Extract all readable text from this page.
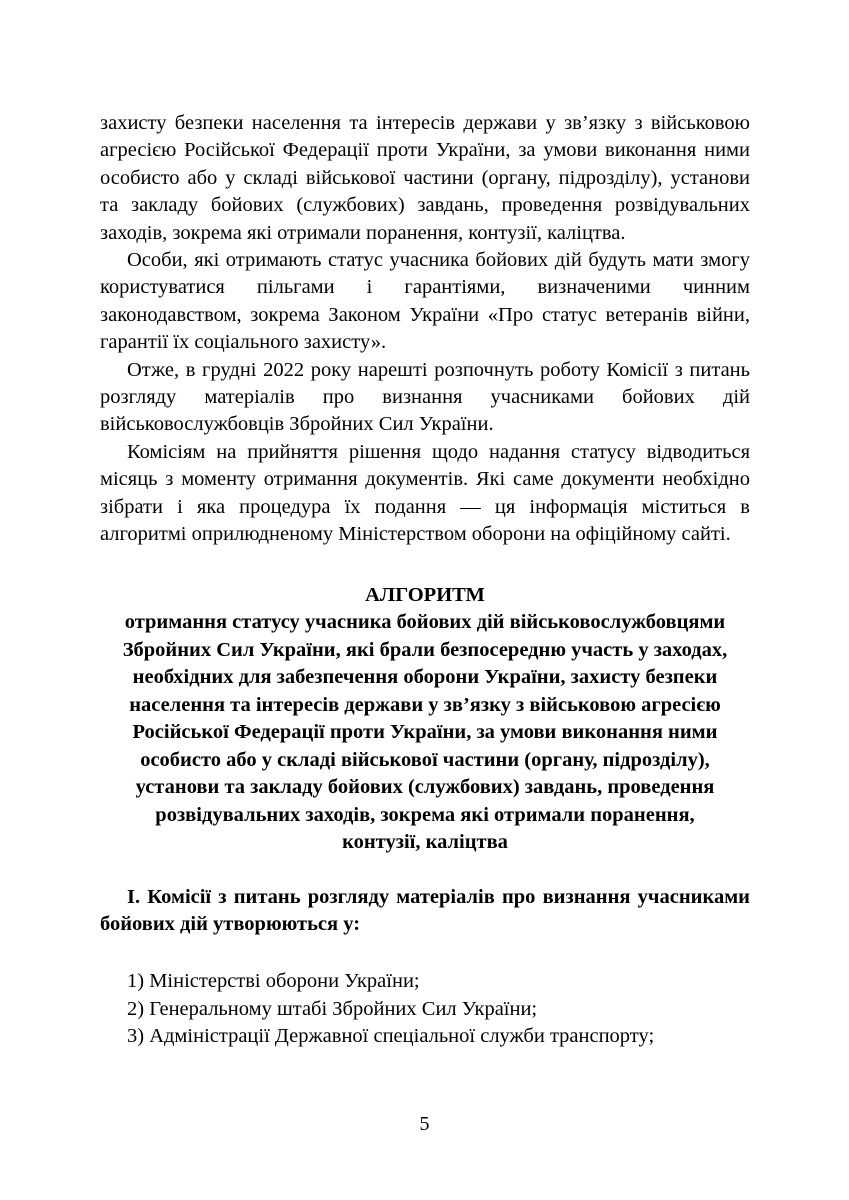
захисту безпеки населення та інтересів держави у зв’язку з військовою агресією Російської Федерації проти України, за умови виконання ними особисто або у складі військової частини (органу, підрозділу), установи та закладу бойових (службових) завдань, проведення розвідувальних заходів, зокрема які отримали поранення, контузії, каліцтва.

Особи, які отримають статус учасника бойових дій будуть мати змогу користуватися пільгами і гарантіями, визначеними чинним законодавством, зокрема Законом України «Про статус ветеранів війни, гарантії їх соціального захисту».

Отже, в грудні 2022 року нарешті розпочнуть роботу Комісії з питань розгляду матеріалів про визнання учасниками бойових дій військовослужбовців Збройних Сил України.

Комісіям на прийняття рішення щодо надання статусу відводиться місяць з моменту отримання документів. Які саме документи необхідно зібрати і яка процедура їх подання — ця інформація міститься в алгоритмі оприлюдненому Міністерством оборони на офіційному сайті.

АЛГОРИТМ

отримання статусу учасника бойових дій військовослужбовцями Збройних Сил України, які брали безпосередню участь у заходах, необхідних для забезпечення оборони України, захисту безпеки населення та інтересів держави у зв’язку з військовою агресією Російської Федерації проти України, за умови виконання ними особисто або у складі військової частини (органу, підрозділу), установи та закладу бойових (службових) завдань, проведення розвідувальних заходів, зокрема які отримали поранення, контузії, каліцтва

І. Комісії з питань розгляду матеріалів про визнання учасниками бойових дій утворюються у:

1) Міністерстві оборони України;
2) Генеральному штабі Збройних Сил України;
3) Адміністрації Державної спеціальної служби транспорту;
5
